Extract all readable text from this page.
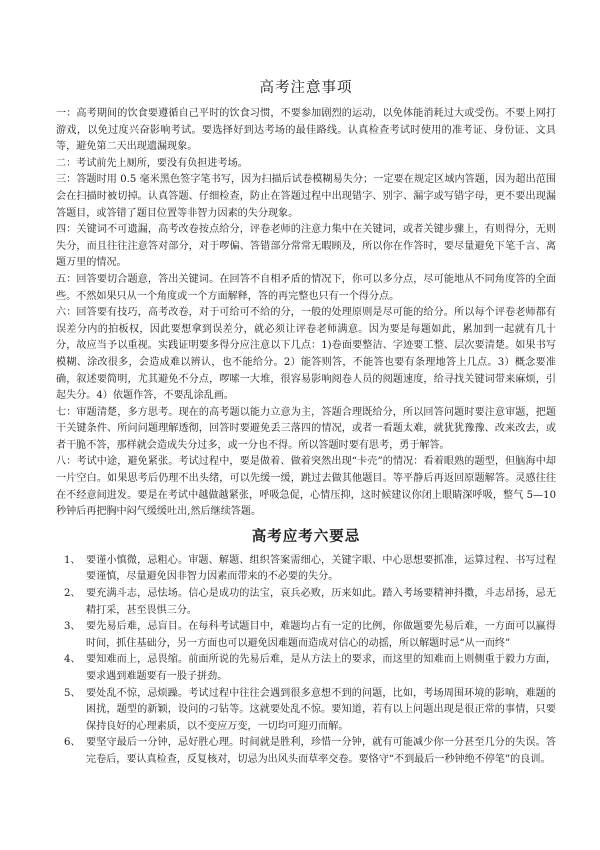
高考注意事项

一：高考期间的饮食要遵循自己平时的饮食习惯，不要参加剧烈的运动，以免体能消耗过大或受伤。不要上网打游戏，以免过度兴奋影响考试。要选择好到达考场的最佳路线。认真检查考试时使用的准考证、身份证、文具等，避免第二天出现遗漏现象。

二：考试前先上厕所，要没有负担进考场。

三：答题时用 0.5 毫米黑色签字笔书写，因为扫描后试卷模糊易失分；一定要在规定区域内答题，因为超出范围会在扫描时被切掉。认真答题、仔细检查，防止在答题过程中出现错字、别字、漏字或写错字母，更不要出现漏答题目，或答错了题目位置等非智力因素的失分现象。

四：关键词不可遗漏，高考改卷按点给分，评卷老师的注意力集中在关键词，或者关键步骤上，有则得分，无则失分，而且往往注意答对部分，对于啰偏、答错部分常常无暇顾及，所以你在作答时，要尽量避免下笔千言、离题万里的情况。

五：回答要切合题意，答出关键词。在回答不自相矛盾的情况下，你可以多分点，尽可能地从不同角度答的全面些。不然如果只从一个角度或一个方面解释，答的再完整也只有一个得分点。

六：回答要有技巧，高考改卷，对于可给可不给的分，一般的处理原则是尽可能的给分。所以每个评卷老师都有误差分内的拍板权，因此要想拿到误差分，就必须让评卷老师满意。因为要是每题如此，累加到一起就有几十分，故应当予以重视。实践证明要多得分应注意以下几点：1)卷面要整洁、字迹要工整、层次要清楚。如果书写模糊、涂改很多，会造成难以辨认，也不能给分。2）能答则答，不能答也要有条理地答上几点。3）概念要准确，叙述要简明，尤其避免不分点，啰嗦一大堆，很容易影响阅卷人员的阅题速度，给寻找关键词带来麻烦，引起失分。4）依题作答，不要乱涂乱画。

七：审题清楚，多方思考。现在的高考题以能力立意为主，答题合理既给分，所以回答问题时要注意审题，把题干关键条件、所问问题理解透彻，回答时要避免丢三落四的情况，或者一看题太难，就犹犹豫豫、改来改去，或者干脆不答，那样就会造成失分过多，或一分也不得。所以答题时要有思考，勇于解答。

八：考试中途，避免紧张。考试过程中，要是做着、做着突然出现“卡壳”的情况：看着眼熟的题型，但脑海中却一片空白。如果思考后仍理不出头绪，可以先缓一缓，跳过去做其他题目。等平静后再返回原题解答。灵感往往在不经意间进发。要是在考试中越做越紧张，呼吸急促，心情压抑，这时候建议你闭上眼睛深呼吸，整气 5—10 秒钟后再把胸中闷气缓缓吐出,然后继续答题。

高考应考六要忌
1、 要谨小慎微，忌粗心。审题、解题、组织答案需细心，关键字眼、中心思想要抓准，运算过程、书写过程要谨慎，尽量避免因非智力因素而带来的不必要的失分。
2、 要充满斗志，忌怯场。信心是成功的法宝，哀兵必败，历来如此。踏入考场要精神抖擞，斗志昂扬，忌无精打采，甚至畏惧三分。
3、 要先易后难，忌盲目。在每科考试题目中，难题均占有一定的比例，你做题要先易后难，一方面可以赢得时间，抓住基础分，另一方面也可以避免因难题而造成对信心的动摇，所以解题时忌“从一而终”
4、 要知难而上，忌畏缩。前面所说的先易后难，是从方法上的要求，而这里的知难而上则侧重于毅力方面，要求遇到难题要有一股子拼劲。
5、 要处乱不惊，忌烦躁。考试过程中往往会遇到很多意想不到的问题，比如，考场周围环境的影响，难题的困扰，题型的新颖，设问的刁钻等。这就要处乱不惊。要知道，若有以上问题出现是很正常的事情，只要保持良好的心理素质，以不变应万变，一切均可迎刃而解。
6、 要坚守最后一分钟，忌好胜心理。时间就是胜利，珍惜一分钟，就有可能减少你一分甚至几分的失误。答完卷后，要认真检查，反复核对，切忌为出风头而草率交卷。要恪守“不到最后一秒钟绝不停笔”的良训。
